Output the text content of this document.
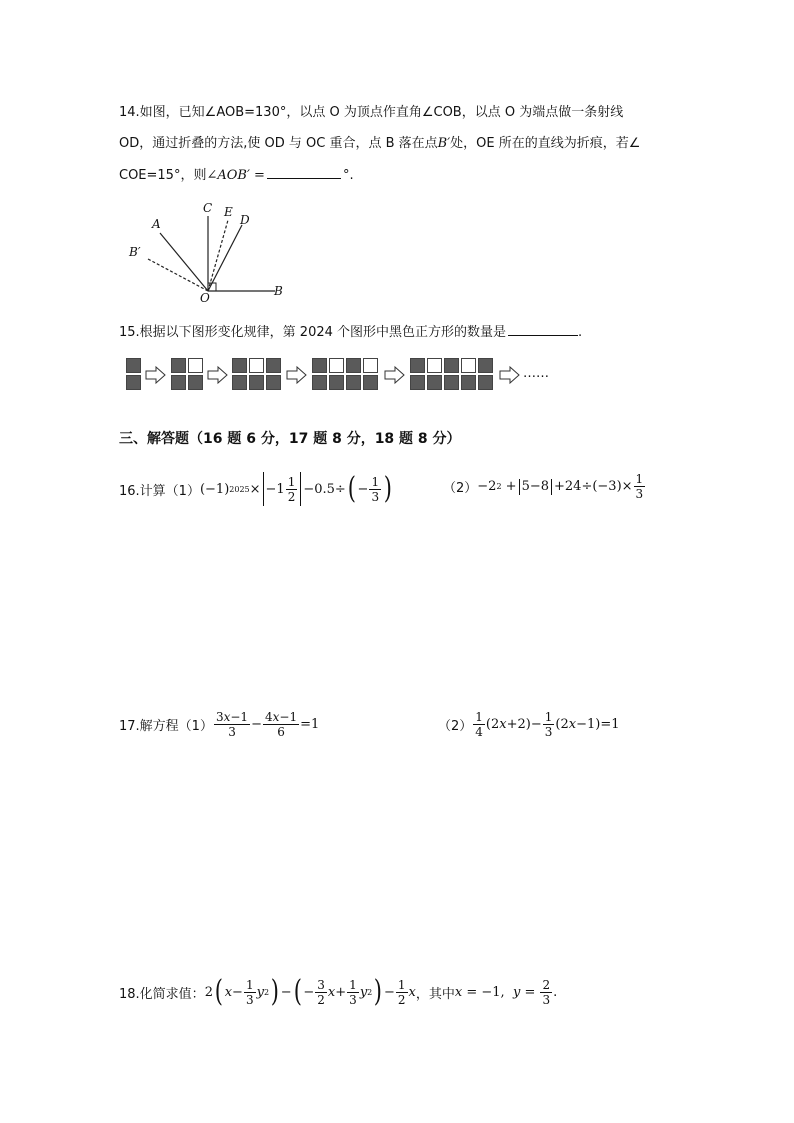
14.如图，已知∠AOB=130°，以点 O 为顶点作直角∠COB，以点 O 为端点做一条射线
OD，通过折叠的方法,使 OD 与 OC 重合，点 B 落在点B′处，OE 所在的直线为折痕，若∠
COE=15°，则∠AOB′ =	°.
A
C E
D
B′
O	B
15.根据以下图形变化规律，第 2024 个图形中黑色正方形的数量是	.
……
三、解答题（16 题 6 分，17 题 8 分，18 题 8 分）
16.计算（1） (−1) $2025 \times -1 \frac{1}{2} -0.5\div$ ( − $\frac{1}{3}$ )	（2） −2 $2 + 5-8 +24\div(-3)\times \frac{1}{3}$
17.解方程$(1) \frac{3x-1}{3} - \frac{4x-1}{6} =1$	$(2) \frac{1}{4} (2$ $x +2)- \frac{1}{3} (2$ x −1)=1
18.化简求值： 2 ( $x - \frac{1}{3}$ y 2 ) − ( − $\frac{3}{2}$ $x + \frac{1}{3}$ y 2 ) − $\frac{1}{2}$ x ，其中 x = −1, $y = \frac{2}{3}$ .
